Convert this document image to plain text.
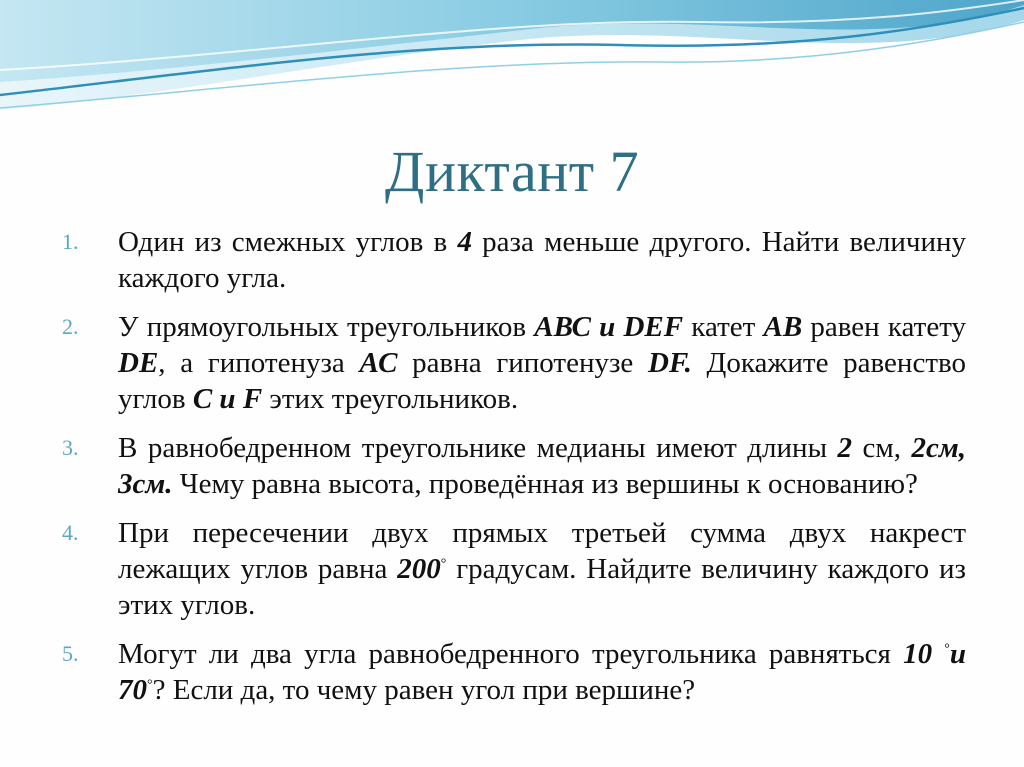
Диктант 7
1. Один из смежных углов в 4 раза меньше другого. Найти величину каждого угла.
2. У прямоугольных треугольников АВС и DEF катет АВ равен катету DE, а гипотенуза АС равна гипотенузе DF. Докажите равенство углов С и F этих треугольников.
3. В равнобедренном треугольнике медианы имеют длины 2 см, 2см, 3см. Чему равна высота, проведённая из вершины к основанию?
4. При пересечении двух прямых третьей сумма двух накрест лежащих углов равна 200° градусам. Найдите величину каждого из этих углов.
5. Могут ли два угла равнобедренного треугольника равняться 10 °и 70°? Если да, то чему равен угол при вершине?
